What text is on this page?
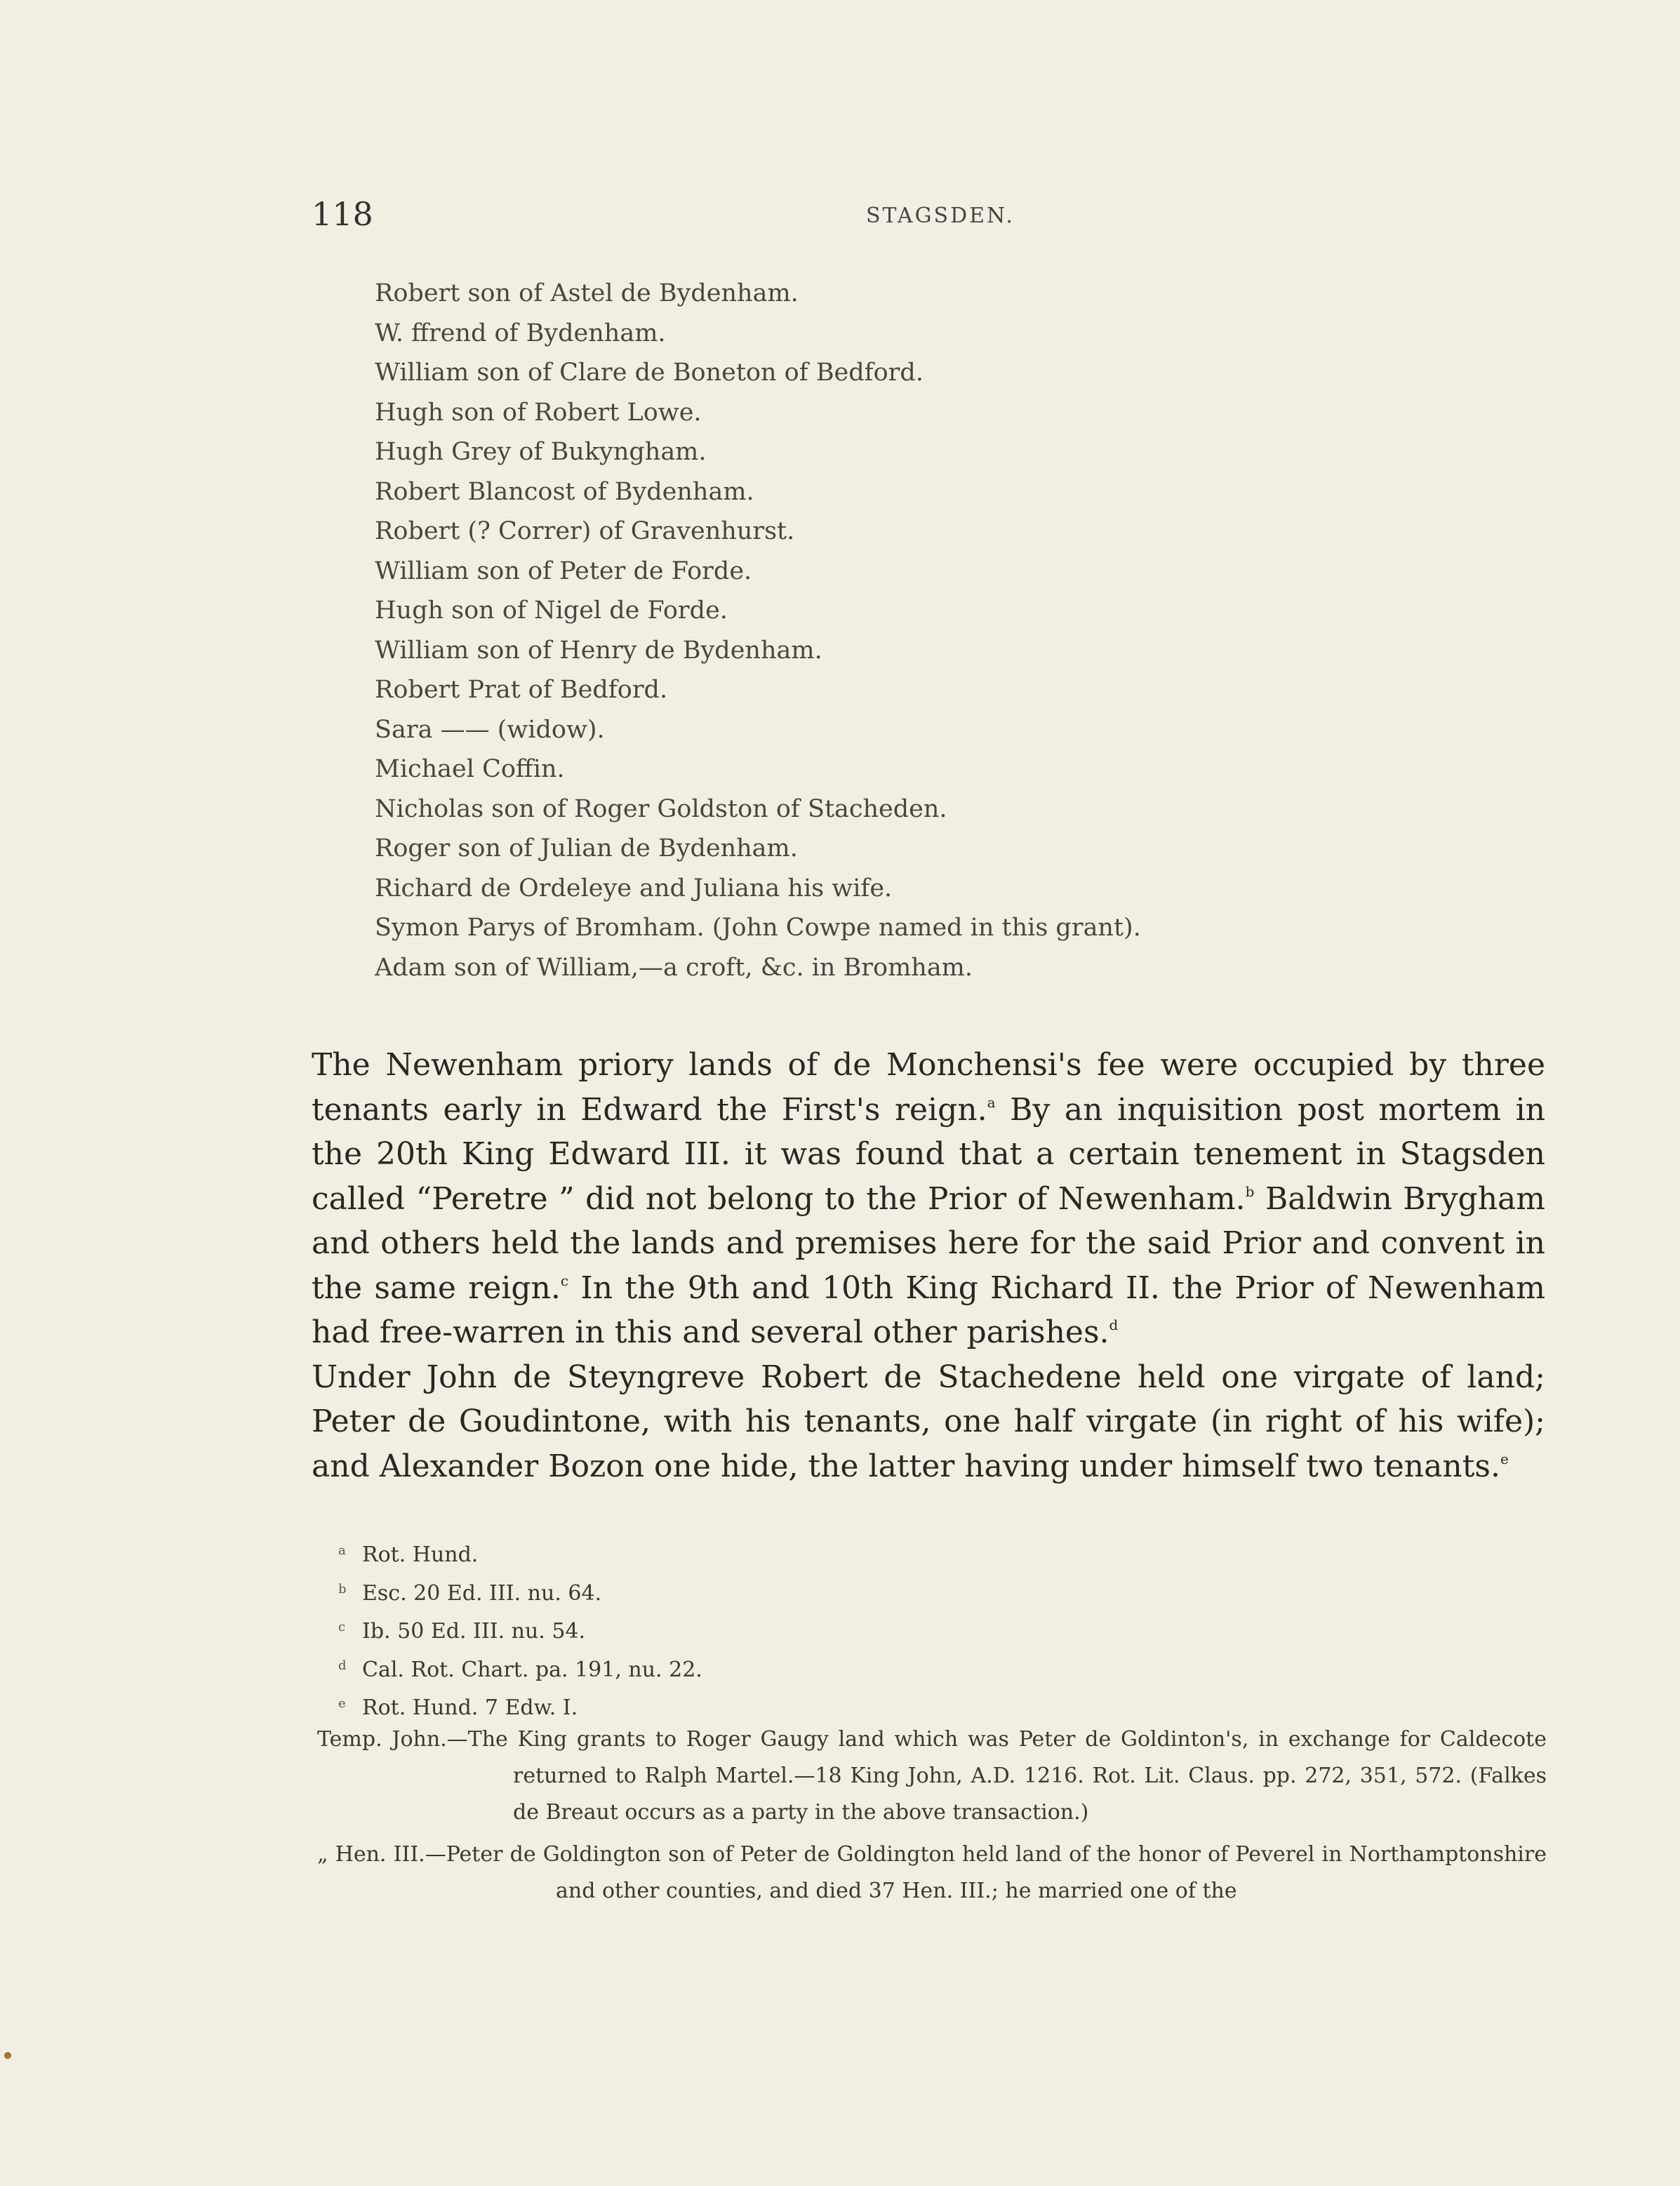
118	STAGSDEN.
Robert son of Astel de Bydenham.
W. ffrend of Bydenham.
William son of Clare de Boneton of Bedford.
Hugh son of Robert Lowe.
Hugh Grey of Bukyngham.
Robert Blancost of Bydenham.
Robert (? Correr) of Gravenhurst.
William son of Peter de Forde.
Hugh son of Nigel de Forde.
William son of Henry de Bydenham.
Robert Prat of Bedford.
Sara —— (widow).
Michael Coffin.
Nicholas son of Roger Goldston of Stacheden.
Roger son of Julian de Bydenham.
Richard de Ordeleye and Juliana his wife.
Symon Parys of Bromham. (John Cowpe named in this grant).
Adam son of William,—a croft, &c. in Bromham.

The Newenham priory lands of de Monchensi's fee were occupied by three tenants early in Edward the First's reign.$^a$ By an inquisition post mortem in the 20th King Edward III. it was found that a certain tenement in Stagsden called “Peretre ” did not belong to the Prior of Newenham.$^b$ Baldwin Brygham and others held the lands and premises here for the said Prior and convent in the same reign.$^c$ In the 9th and 10th King Richard II. the Prior of Newenham had free-warren in this and several other parishes.$^d$

Under John de Steyngreve Robert de Stachedene held one virgate of land; Peter de Goudintone, with his tenants, one half virgate (in right of his wife); and Alexander Bozon one hide, the latter having under himself two tenants.$^e$

a Rot. Hund.
b Esc. 20 Ed. III. nu. 64.
c Ib. 50 Ed. III. nu. 54.
d Cal. Rot. Chart. pa. 191, nu. 22.
e Rot. Hund. 7 Edw. I.
Temp. John.—The King grants to Roger Gaugy land which was Peter de Goldinton's, in exchange for Caldecote returned to Ralph Martel.—18 King John, A.D. 1216. Rot. Lit. Claus. pp. 272, 351, 572. (Falkes de Breaut occurs as a party in the above transaction.)
„ Hen. III.—Peter de Goldington son of Peter de Goldington held land of the honor of Peverel in Northamptonshire and other counties, and died 37 Hen. III.; he married one of the
